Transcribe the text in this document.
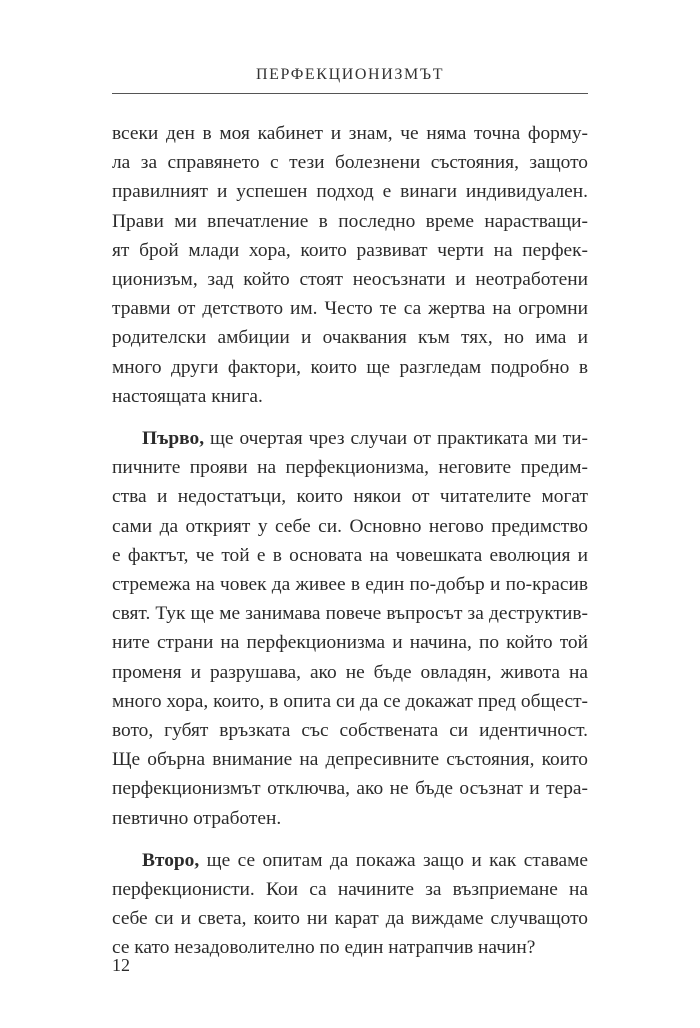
ПЕРФЕКЦИОНИЗМЪТ

всеки ден в моя кабинет и знам, че няма точна форму-
ла за справянето с тези болезнени състояния, защото
правилният и успешен подход е винаги индивидуален.
Прави ми впечатление в последно време нарастващи-
ят брой млади хора, които развиват черти на перфек-
ционизъм, зад който стоят неосъзнати и неотработени
травми от детството им. Често те са жертва на огромни
родителски амбиции и очаквания към тях, но има и
много други фактори, които ще разгледам подробно в
настоящата книга.

Първо, ще очертая чрез случаи от практиката ми ти-
пичните прояви на перфекционизма, неговите предим-
ства и недостатъци, които някои от читателите могат
сами да открият у себе си. Основно негово предимство
е фактът, че той е в основата на човешката еволюция и
стремежа на човек да живее в един по-добър и по-красив
свят. Тук ще ме занимава повече въпросът за деструктив-
ните страни на перфекционизма и начина, по който той
променя и разрушава, ако не бъде овладян, живота на
много хора, които, в опита си да се докажат пред общест-
вото, губят връзката със собствената си идентичност.
Ще обърна внимание на депресивните състояния, които
перфекционизмът отключва, ако не бъде осъзнат и тера-
певтично отработен.

Второ, ще се опитам да покажа защо и как ставаме
перфекционисти. Кои са начините за възприемане на
себе си и света, които ни карат да виждаме случващото
се като незадоволително по един натрапчив начин?

12
